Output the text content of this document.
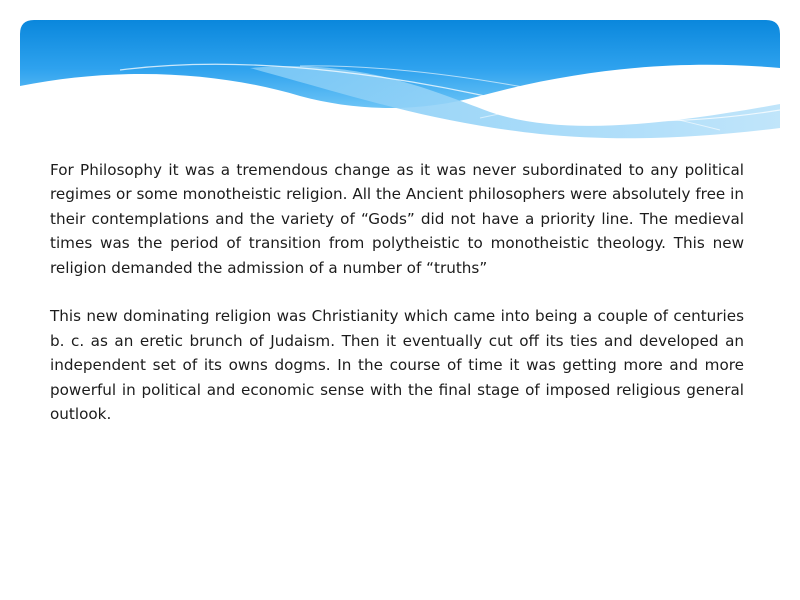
For Philosophy it was a tremendous change as it was never subordinated to any political regimes or some monotheistic religion. All the Ancient philosophers were absolutely free in their contemplations and the variety of “Gods” did not have a priority line. The medieval times was the period of transition from polytheistic to monotheistic theology. This new religion demanded the admission of a number of “truths”

This new dominating religion was Christianity which came into being a couple of centuries b. c. as an eretic brunch of Judaism. Then it eventually cut off its ties and developed an independent set of its owns dogms. In the course of time it was getting more and more powerful in political and economic sense with the final stage of imposed religious general outlook.
